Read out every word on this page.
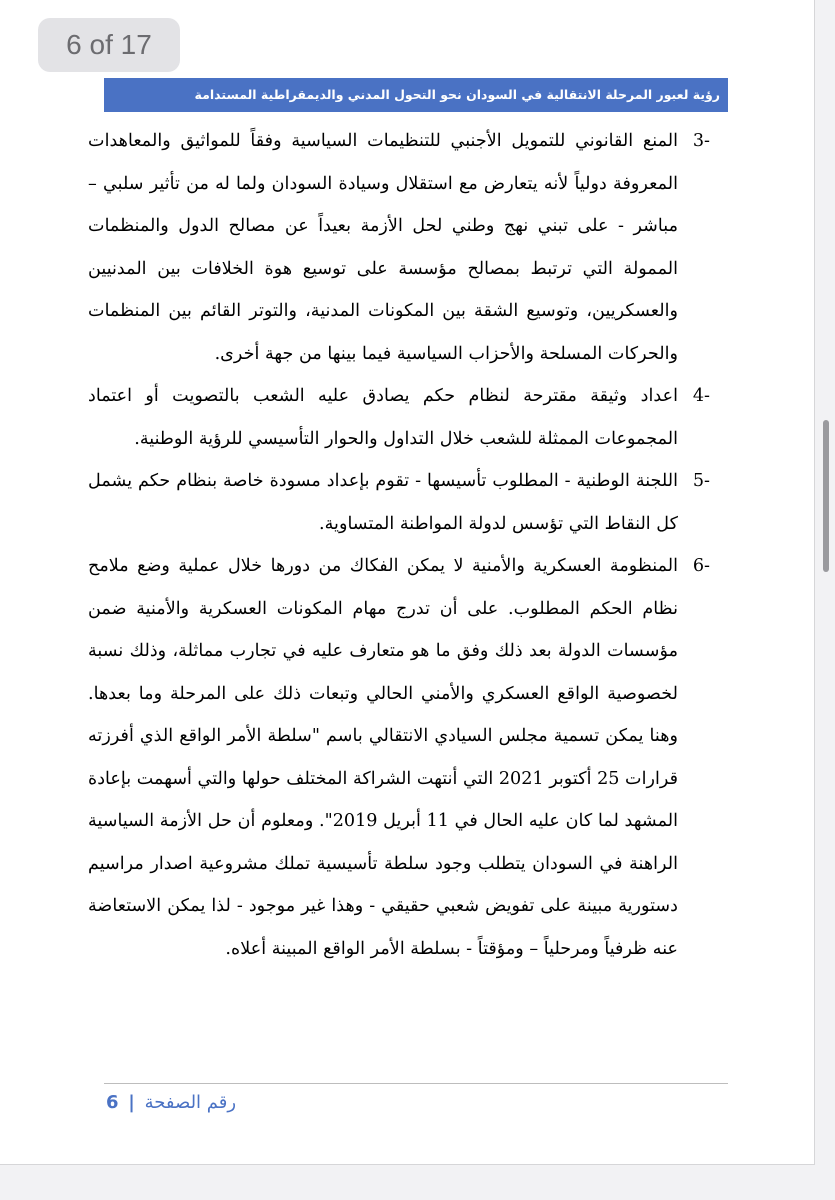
رؤية لعبور المرحلة الانتقالية في السودان نحو التحول المدني والديمقراطية المستدامة
3-
المنع القانوني للتمويل الأجنبي للتنظيمات السياسية وفقاً للمواثيق والمعاهدات المعروفة دولياً لأنه يتعارض مع استقلال وسيادة السودان ولما له من تأثير سلبي – مباشر - على تبني نهج وطني لحل الأزمة بعيداً عن مصالح الدول والمنظمات الممولة التي ترتبط بمصالح مؤسسة على توسيع هوة الخلافات بين المدنيين والعسكريين، وتوسيع الشقة بين المكونات المدنية، والتوتر القائم بين المنظمات والحركات المسلحة والأحزاب السياسية فيما بينها من جهة أخرى.
4-
اعداد وثيقة مقترحة لنظام حكم يصادق عليه الشعب بالتصويت أو اعتماد المجموعات الممثلة للشعب خلال التداول والحوار التأسيسي للرؤية الوطنية.
5-
اللجنة الوطنية - المطلوب تأسيسها - تقوم بإعداد مسودة خاصة بنظام حكم يشمل كل النقاط التي تؤسس لدولة المواطنة المتساوية.
6-
المنظومة العسكرية والأمنية لا يمكن الفكاك من دورها خلال عملية وضع ملامح نظام الحكم المطلوب. على أن تدرج مهام المكونات العسكرية والأمنية ضمن مؤسسات الدولة بعد ذلك وفق ما هو متعارف عليه في تجارب مماثلة، وذلك نسبة لخصوصية الواقع العسكري والأمني الحالي وتبعات ذلك على المرحلة وما بعدها. وهنا يمكن تسمية مجلس السيادي الانتقالي باسم "سلطة الأمر الواقع الذي أفرزته قرارات 25 أكتوبر 2021 التي أنتهت الشراكة المختلف حولها والتي أسهمت بإعادة المشهد لما كان عليه الحال في 11 أبريل 2019". ومعلوم أن حل الأزمة السياسية الراهنة في السودان يتطلب وجود سلطة تأسيسية تملك مشروعية اصدار مراسيم دستورية مبينة على تفويض شعبي حقيقي - وهذا غير موجود - لذا يمكن الاستعاضة عنه ظرفياً ومرحلياً – ومؤقتاً - بسلطة الأمر الواقع المبينة أعلاه.
رقم الصفحة | 6
6 of 17
